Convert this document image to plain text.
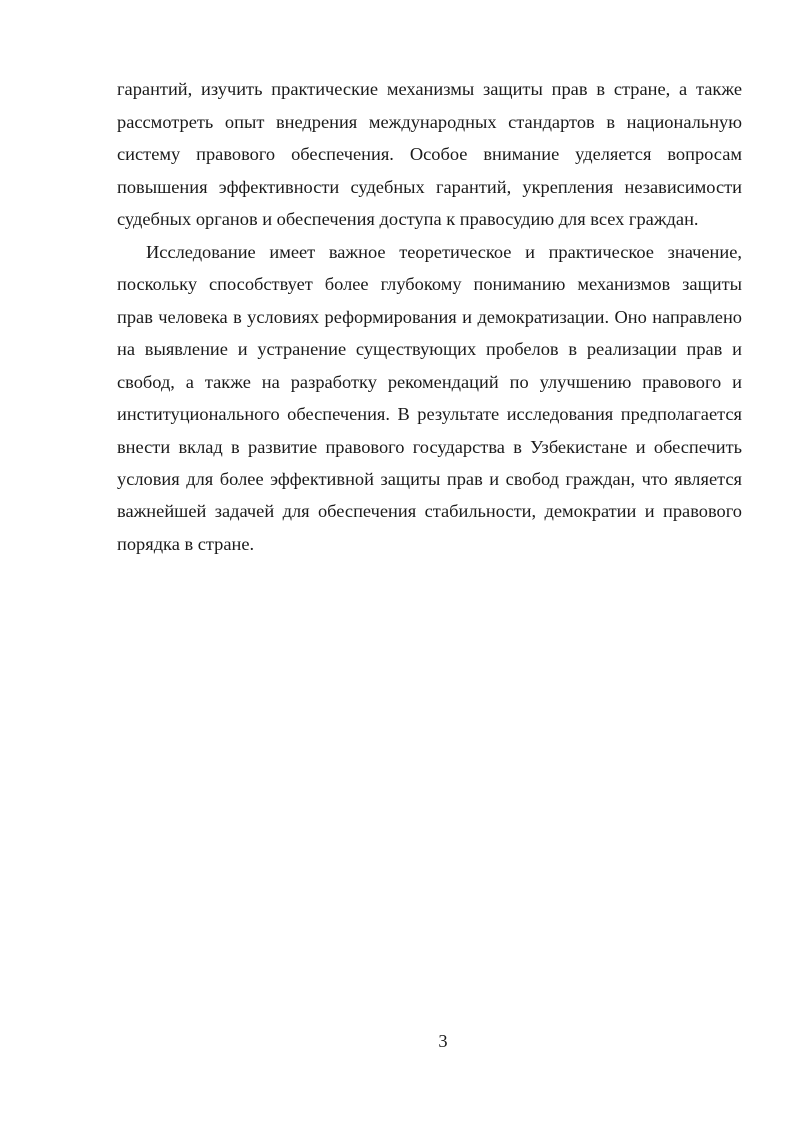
гарантий, изучить практические механизмы защиты прав в стране, а также
рассмотреть опыт внедрения международных стандартов в национальную
систему правового обеспечения. Особое внимание уделяется вопросам
повышения эффективности судебных гарантий, укрепления независимости
судебных органов и обеспечения доступа к правосудию для всех граждан.
Исследование имеет важное теоретическое и практическое значение,
поскольку способствует более глубокому пониманию механизмов защиты
прав человека в условиях реформирования и демократизации. Оно направлено
на выявление и устранение существующих пробелов в реализации прав и
свобод, а также на разработку рекомендаций по улучшению правового и
институционального обеспечения. В результате исследования предполагается
внести вклад в развитие правового государства в Узбекистане и обеспечить
условия для более эффективной защиты прав и свобод граждан, что является
важнейшей задачей для обеспечения стабильности, демократии и правового
порядка в стране.
3
